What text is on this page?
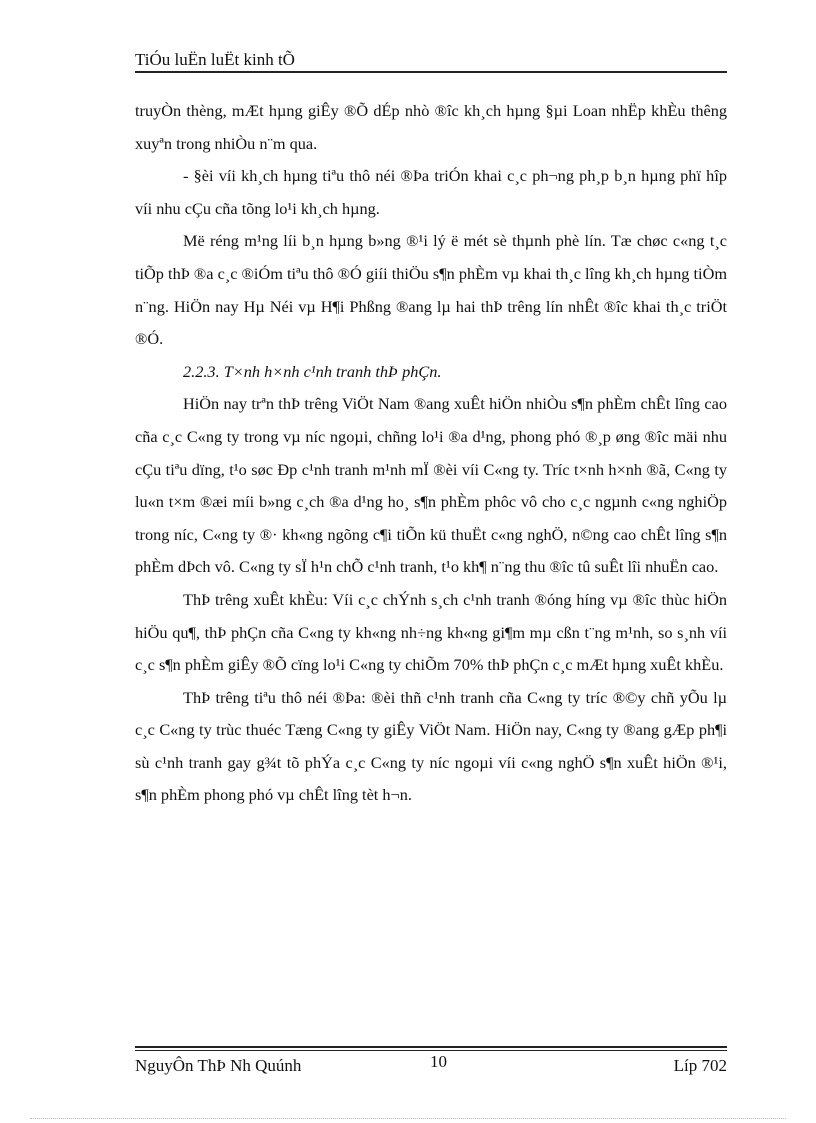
TiÓu luËn luËt kinh tÕ

truyÒn thèng, mÆt hµng giÊy ®Õ dÉp nhò ®îc kh¸ch hµng §µi Loan nhËp khÈu thêng xuyªn trong nhiÒu n¨m qua.

- §èi víi kh¸ch hµng tiªu thô néi ®Þa triÓn khai c¸c ph¬ng ph¸p b¸n hµng phï hîp víi nhu cÇu cña tõng lo¹i kh¸ch hµng.

Më réng m¹ng líi b¸n hµng b»ng ®¹i lý ë mét sè thµnh phè lín. Tæ chøc c«ng t¸c tiÕp thÞ ®a c¸c ®iÓm tiªu thô ®Ó giíi thiÖu s¶n phÈm vµ khai th¸c lîng kh¸ch hµng tiÒm n¨ng. HiÖn nay Hµ Néi vµ H¶i Phßng ®ang lµ hai thÞ trêng lín nhÊt ®îc khai th¸c triÖt ®Ó.

2.2.3. T×nh h×nh c¹nh tranh thÞ phÇn.

HiÖn nay trªn thÞ trêng ViÖt Nam ®ang xuÊt hiÖn nhiÒu s¶n phÈm chÊt lîng cao cña c¸c C«ng ty trong vµ níc ngoµi, chñng lo¹i ®a d¹ng, phong phó ®¸p øng ®îc mäi nhu cÇu tiªu dïng, t¹o søc Ðp c¹nh tranh m¹nh mÏ ®èi víi C«ng ty. Tríc t×nh h×nh ®ã, C«ng ty lu«n t×m ®æi míi b»ng c¸ch ®a d¹ng ho¸ s¶n phÈm phôc vô cho c¸c ngµnh c«ng nghiÖp trong níc, C«ng ty ®· kh«ng ngõng c¶i tiÕn kü thuËt c«ng nghÖ, n©ng cao chÊt lîng s¶n phÈm dÞch vô. C«ng ty sÏ h¹n chÕ c¹nh tranh, t¹o kh¶ n¨ng thu ®îc tû suÊt lîi nhuËn cao.

ThÞ trêng xuÊt khÈu: Víi c¸c chÝnh s¸ch c¹nh tranh ®óng híng vµ ®îc thùc hiÖn hiÖu qu¶, thÞ phÇn cña C«ng ty kh«ng nh÷ng kh«ng gi¶m mµ cßn t¨ng m¹nh, so s¸nh víi c¸c s¶n phÈm giÊy ®Õ cïng lo¹i C«ng ty chiÕm 70% thÞ phÇn c¸c mÆt hµng xuÊt khÈu.

ThÞ trêng tiªu thô néi ®Þa: ®èi thñ c¹nh tranh cña C«ng ty tríc ®©y chñ yÕu lµ c¸c C«ng ty trùc thuéc Tæng C«ng ty giÊy ViÖt Nam. HiÖn nay, C«ng ty ®ang gÆp ph¶i sù c¹nh tranh gay g¾t tõ phÝa c¸c C«ng ty níc ngoµi víi c«ng nghÖ s¶n xuÊt hiÖn ®¹i, s¶n phÈm phong phó vµ chÊt lîng tèt h¬n.

NguyÔn ThÞ Nh Quúnh	10	Líp 702
